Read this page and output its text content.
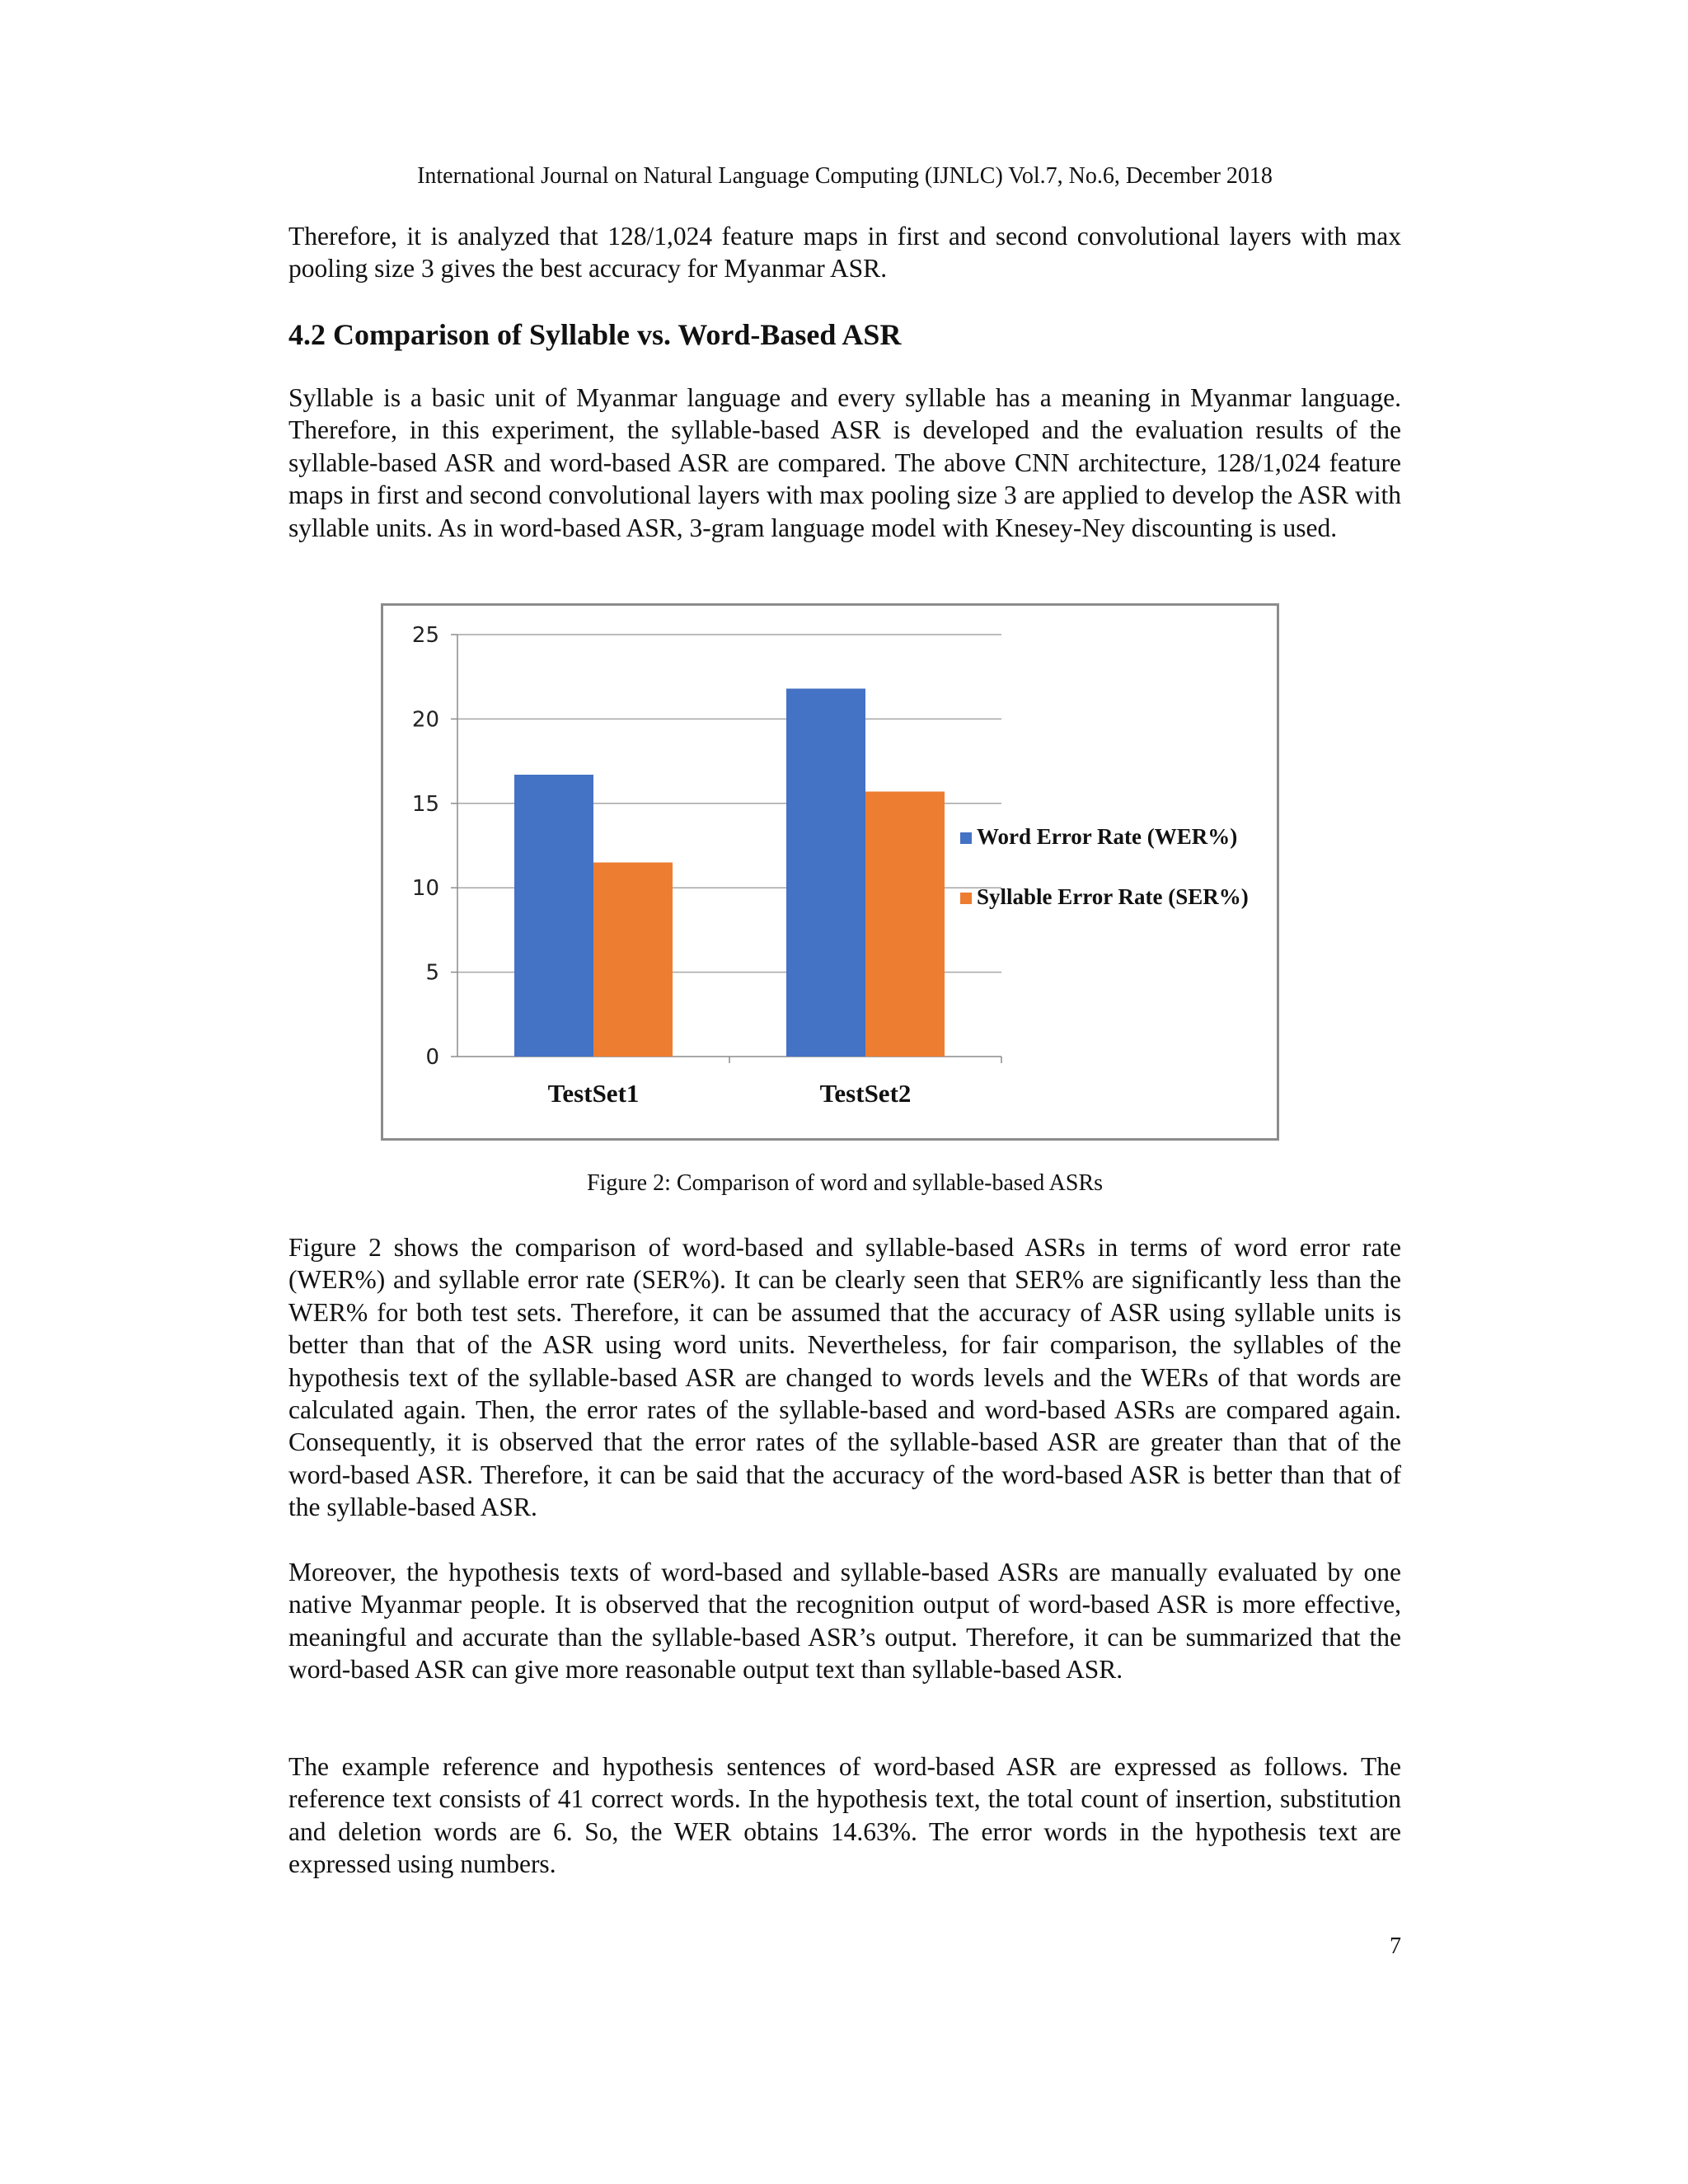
International Journal on Natural Language Computing (IJNLC) Vol.7, No.6, December 2018

Therefore, it is analyzed that 128/1,024 feature maps in first and second convolutional layers with max pooling size 3 gives the best accuracy for Myanmar ASR.

4.2 Comparison of Syllable vs. Word-Based ASR

Syllable is a basic unit of Myanmar language and every syllable has a meaning in Myanmar language. Therefore, in this experiment, the syllable-based ASR is developed and the evaluation results of the syllable-based ASR and word-based ASR are compared. The above CNN architecture, 128/1,024 feature maps in first and second convolutional layers with max pooling size 3 are applied to develop the ASR with syllable units. As in word-based ASR, 3-gram language model with Knesey-Ney discounting is used.

0
5
10
15
20
25
TestSet1	TestSet2
Word Error Rate (WER%)
Syllable Error Rate (SER%)
Figure 2: Comparison of word and syllable-based ASRs

Figure 2 shows the comparison of word-based and syllable-based ASRs in terms of word error rate (WER%) and syllable error rate (SER%). It can be clearly seen that SER% are significantly less than the WER% for both test sets. Therefore, it can be assumed that the accuracy of ASR using syllable units is better than that of the ASR using word units. Nevertheless, for fair comparison, the syllables of the hypothesis text of the syllable-based ASR are changed to words levels and the WERs of that words are calculated again. Then, the error rates of the syllable-based and word-based ASRs are compared again. Consequently, it is observed that the error rates of the syllable-based ASR are greater than that of the word-based ASR. Therefore, it can be said that the accuracy of the word-based ASR is better than that of the syllable-based ASR.

Moreover, the hypothesis texts of word-based and syllable-based ASRs are manually evaluated by one native Myanmar people. It is observed that the recognition output of word-based ASR is more effective, meaningful and accurate than the syllable-based ASR’s output. Therefore, it can be summarized that the word-based ASR can give more reasonable output text than syllable-based ASR.

The example reference and hypothesis sentences of word-based ASR are expressed as follows. The reference text consists of 41 correct words. In the hypothesis text, the total count of insertion, substitution and deletion words are 6. So, the WER obtains 14.63%. The error words in the hypothesis text are expressed using numbers.

7
